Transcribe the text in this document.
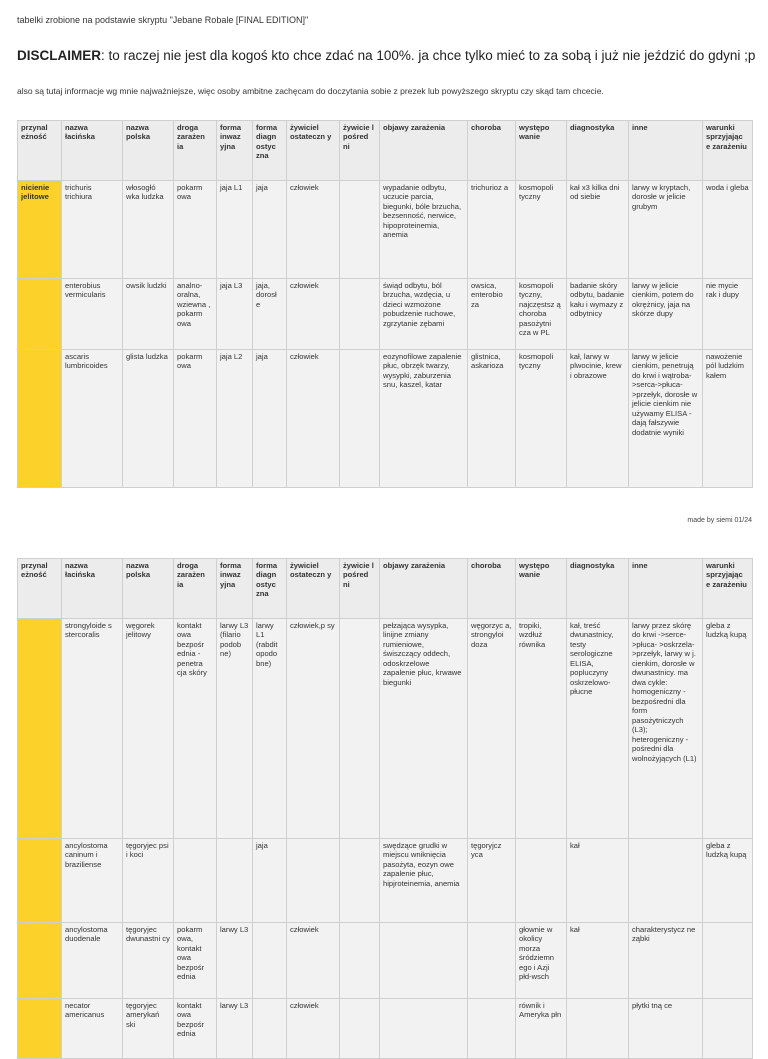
tabelki zrobione na podstawie skryptu "Jebane Robale [FINAL EDITION]"
DISCLAIMER: to raczej nie jest dla kogoś kto chce zdać na 100%. ja chce tylko mieć to za sobą i już nie jeździć do gdyni ;p
also są tutaj informacje wg mnie najważniejsze, więc osoby ambitne zachęcam do doczytania sobie z prezek lub powyższego skryptu czy skąd tam chcecie.
przynal eżność	nazwa łacińska	nazwa polska	droga zarażen ia	forma inwaz yjna	forma diagn ostyc zna	żywiciel ostateczn y	żywicie l pośred ni	objawy zarażenia	choroba	występo wanie	diagnostyka	inne	warunki sprzyjając e zarażeniu
nicienie jelitowe	trichuris trichiura	włosogłó wka ludzka	pokarm owa	jaja L1	jaja	człowiek		wypadanie odbytu, uczucie parcia, biegunki, bóle brzucha, bezsenność, nerwice, hipoproteinemia, anemia	trichurioz a	kosmopoli tyczny	kał x3 kilka dni od siebie	larwy w kryptach, dorosłe w jelicie grubym	woda i gleba
	enterobius vermicularis	owsik ludzki	analno- oralna, wziewna , pokarm owa	jaja L3	jaja, dorosł e	człowiek		świąd odbytu, ból brzucha, wzdęcia, u dzieci wzmożone pobudzenie ruchowe, zgrzytanie zębami	owsica, enterobio za	kosmopoli tyczny, najczęstsz ą choroba pasożytni cza w PL	badanie skóry odbytu, badanie kału i wymazy z odbytnicy	larwy w jelicie cienkim, potem do okrężnicy, jaja na skórze dupy	nie mycie rak i dupy
	ascaris lumbricoides	glista ludzka	pokarm owa	jaja L2	jaja	człowiek		eozynofilowe zapalenie płuc, obrzęk twarzy, wysypki, zaburzenia snu, kaszel, katar	glistnica, askarioza	kosmopoli tyczny	kał, larwy w plwocinie, krew i obrazowe	larwy w jelicie cienkim, penetrują do krwi i wątroba->serca->płuca->przełyk, dorosłe w jelicie cienkim nie używamy ELISA - dają fałszywie dodatnie wyniki	nawożenie pól ludzkim kałem
made by siemi 01/24
przynal eżność	nazwa łacińska	nazwa polska	droga zarażen ia	forma inwaz yjna	forma diagn ostyc zna	żywiciel ostateczn y	żywicie l pośred ni	objawy zarażenia	choroba	występo wanie	diagnostyka	inne	warunki sprzyjając e zarażeniu
	strongyloide s stercoralis	węgorek jelitowy	kontakt owa bezpośr ednia - penetra cja skóry	larwy L3 (filario podob ne)	larwy L1 (rabdit opodo bne)	człowiek,p sy		pełzająca wysypka, linijne zmiany rumieniowe, świszczący oddech, odoskrzelowe zapalenie płuc, krwawe biegunki	węgorzyc a, strongyloi doza	tropiki, wzdłuż równika	kał, treść dwunastnicy, testy serologiczne ELISA, popluczyny oskrzelowo- płucne	larwy przez skórę do krwi ->serce- >płuca- >oskrzela- >przełyk, larwy w j. cienkim, dorosłe w dwunastnicy. ma dwa cykle: homogeniczny - bezpośredni dla form pasożytniczych (L3); heterogeniczny - pośredni dla wolnożyjących (L1)	gleba z ludzką kupą
	ancylostoma caninum i braziliense	tęgoryjec psi i koci			jaja			swędzące grudki w miejscu wniknięcia pasożyta, eozyn owe zapalenie płuc, hipjroteinemia, anemia	tęgoryjcz yca		kał		gleba z ludzką kupą
	ancylostoma duodenale	tęgoryjec dwunastni cy	pokarm owa, kontakt owa bezpośr ednia	larwy L3		człowiek				głownie w okolicy morza śródziemn ego i Azji płd-wsch	kał	charakterystycz ne ząbki	
	necator americanus	tęgoryjec amerykań ski	kontakt owa bezpośr ednia	larwy L3		człowiek				równik i Ameryka płn		płytki tną ce	
